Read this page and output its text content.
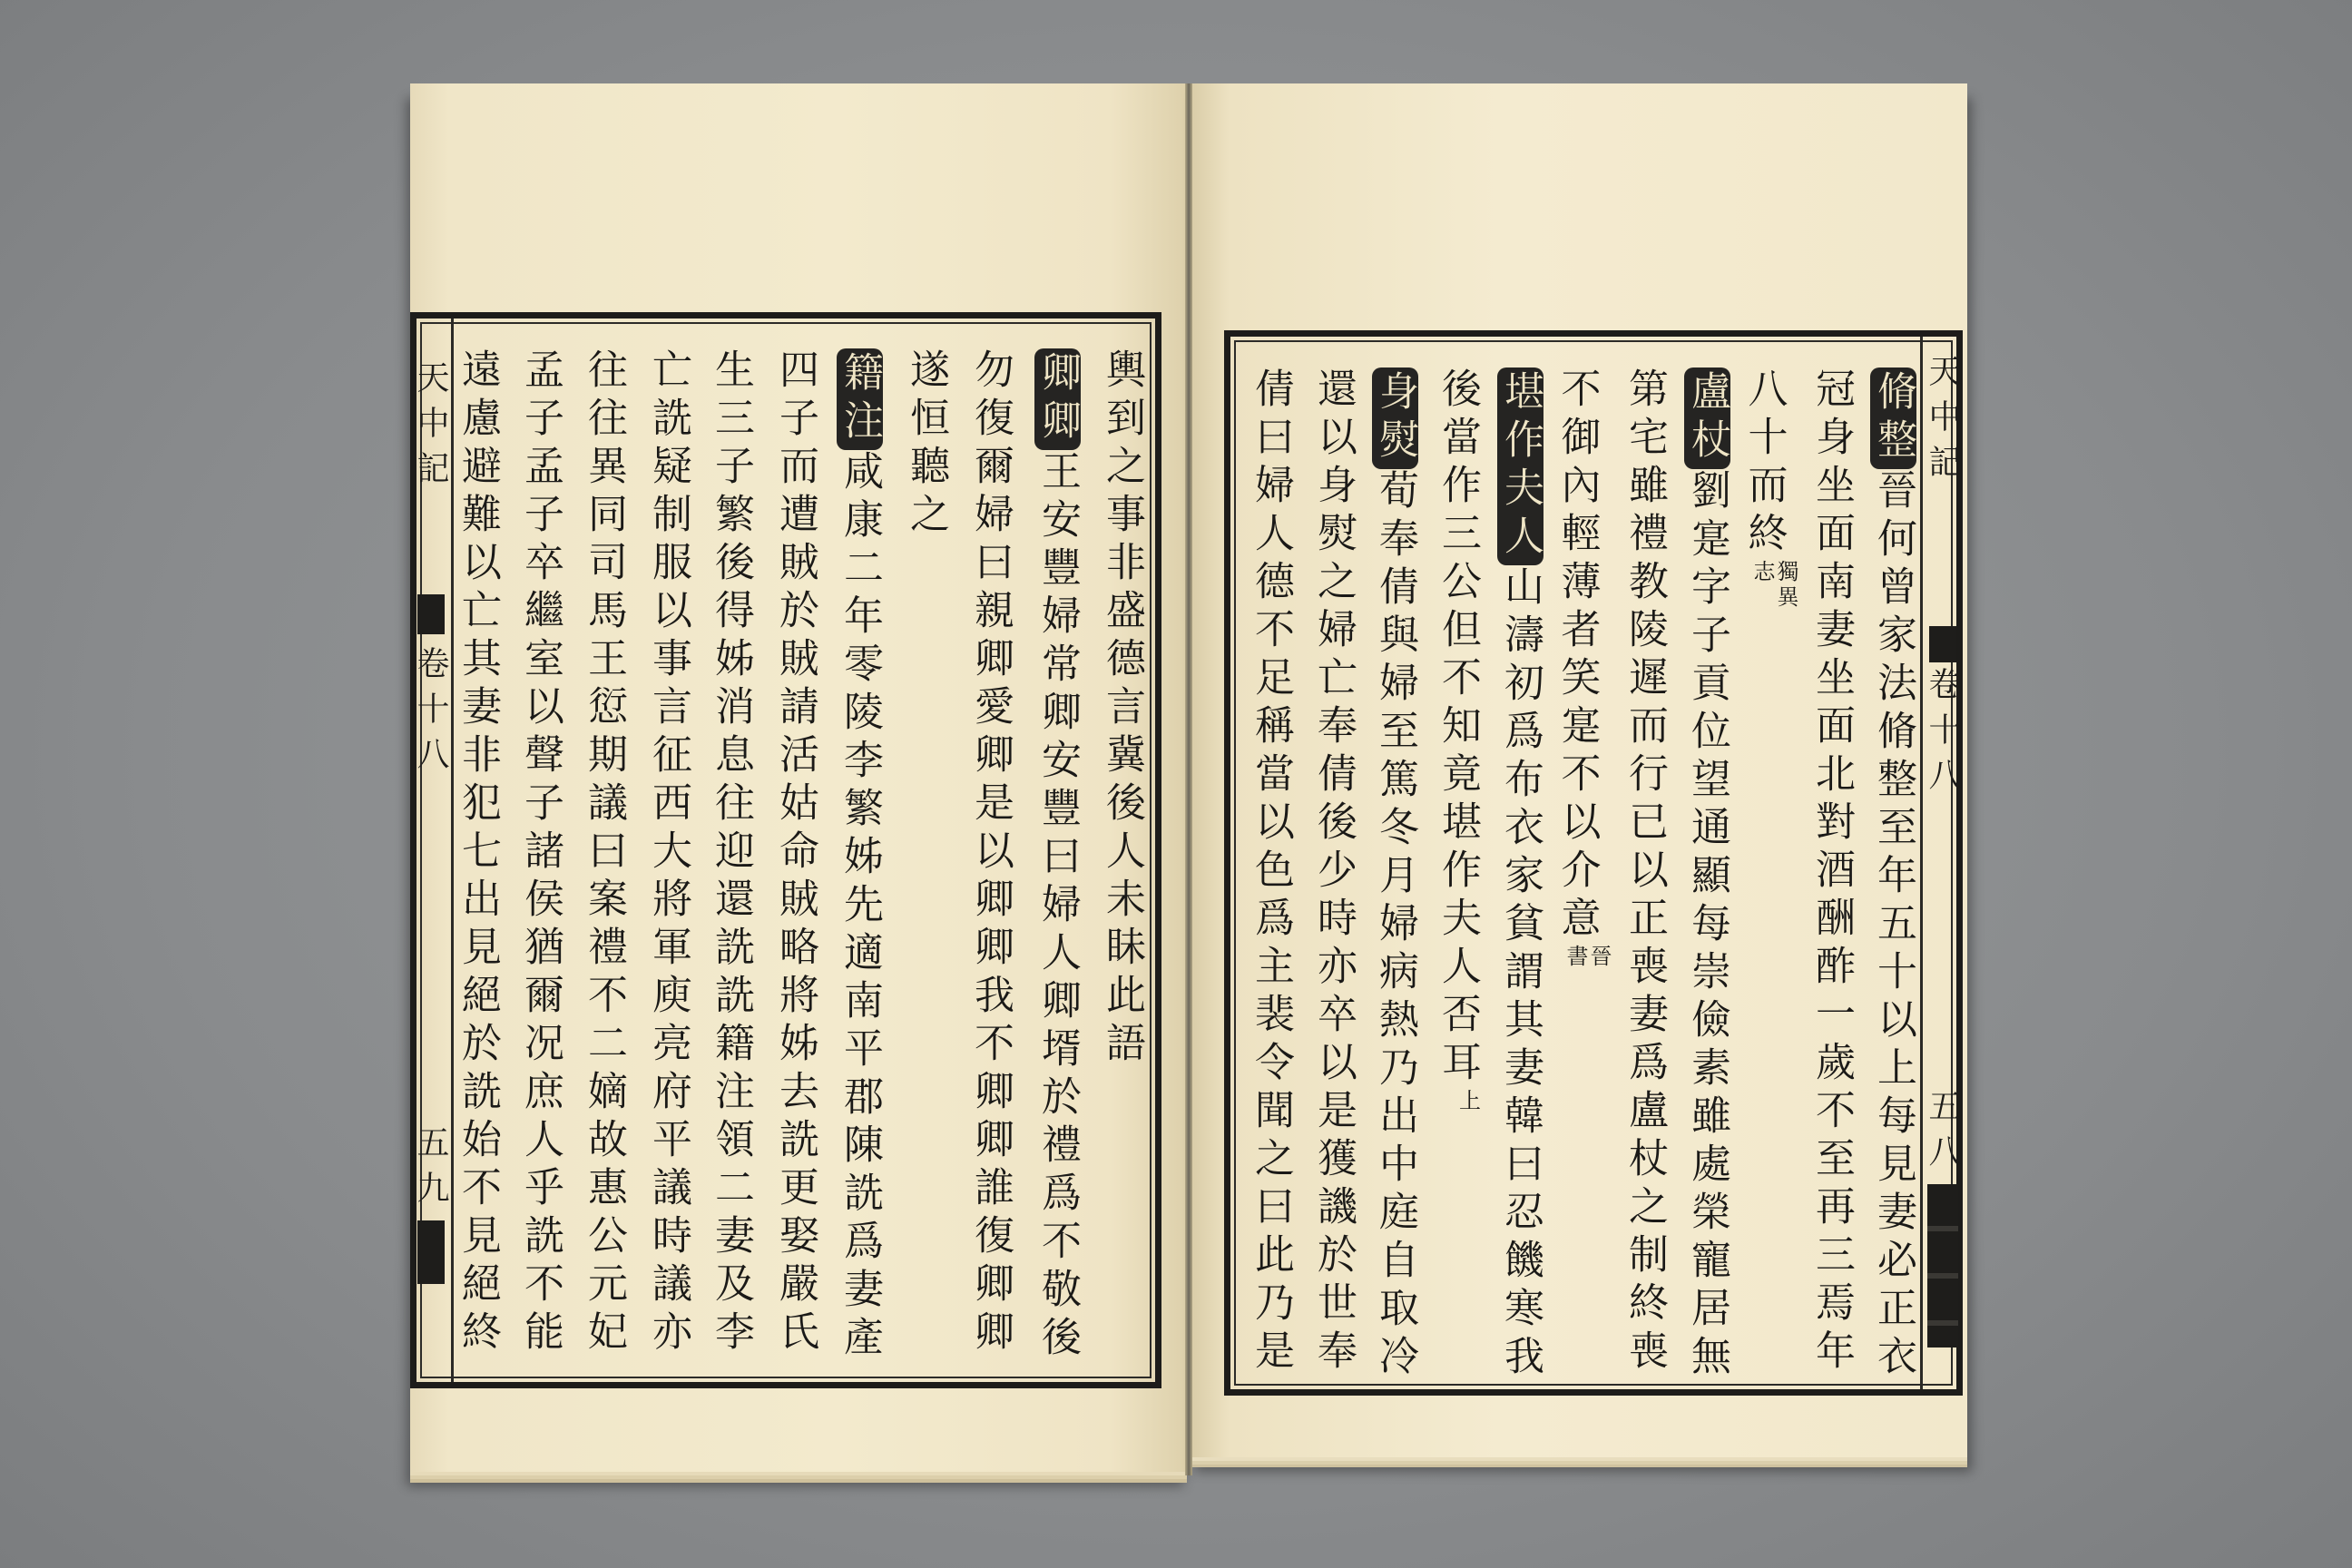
天中記
卷十八
五九
天中記
卷十八
五八
輿到之事非盛德言冀後人未眛此語
卿卿王安豐婦常卿安豐曰婦人卿壻於禮爲不敬後
勿復爾婦曰親卿愛卿是以卿卿我不卿卿誰復卿卿
遂恒聽之
籍注咸康二年零陵李繁姊先適南平郡陳詵爲妻產
四子而遭賊於賊請活姑命賊略將姊去詵更娶嚴氏
生三子繁後得姊消息往迎還詵詵籍注領二妻及李
亡詵疑制服以事言征西大將軍庾亮府平議時議亦
往往異同司馬王愆期議曰案禮不二嫡故惠公元妃
孟子孟子卒繼室以聲子諸侯猶爾况庶人乎詵不能
遠慮避難以亡其妻非犯七出見絕於詵始不見絕終	脩整晉何曾家法脩整至年五十以上每見妻必正衣
冠身坐面南妻坐面北對酒酬酢一歲不至再三焉年
八十而終
獨異
志
盧杖劉寔字子貢位望通顯每崇儉素雖處榮寵居無
第宅雖禮教陵遲而行已以正喪妻爲盧杖之制終喪
不御內輕薄者笑寔不以介意
晉
書
堪作夫人山濤初爲布衣家貧謂其妻韓曰忍饑寒我
後當作三公但不知竟堪作夫人否耳
上
身熨荀奉倩與婦至篤冬月婦病熱乃出中庭自取冷
還以身熨之婦亡奉倩後少時亦卒以是獲譏於世奉
倩曰婦人德不足稱當以色爲主裴令聞之曰此乃是
